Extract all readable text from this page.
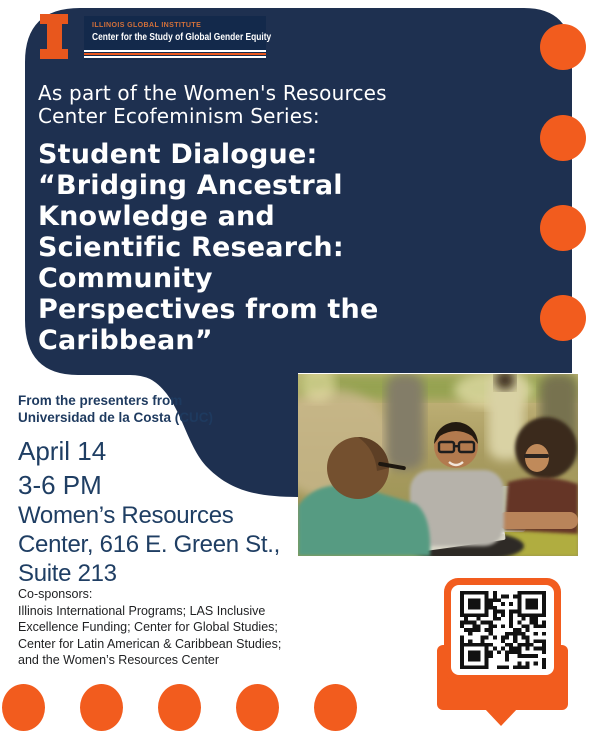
ILLINOIS GLOBAL INSTITUTE
Center for the Study of Global Gender Equity
As part of the Women's Resources
Center Ecofeminism Series:
Student Dialogue:
“Bridging Ancestral
Knowledge and
Scientific Research:
Community
Perspectives from the
Caribbean”
From the presenters from
Universidad de la Costa (CUC)
April 14
3-6 PM
Women’s Resources
Center, 616 E. Green St.,
Suite 213
Co-sponsors:
Illinois International Programs; LAS Inclusive
Excellence Funding; Center for Global Studies;
Center for Latin American & Caribbean Studies;
and the Women’s Resources Center
